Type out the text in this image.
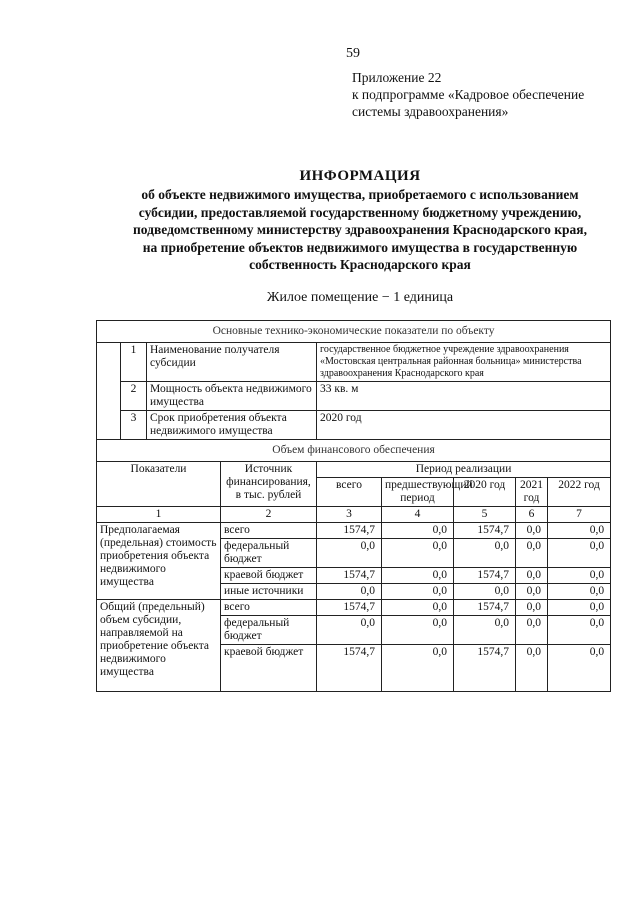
59
Приложение 22
к подпрограмме «Кадровое обеспечение
системы здравоохранения»
ИНФОРМАЦИЯ
об объекте недвижимого имущества, приобретаемого с использованием
субсидии, предоставляемой государственному бюджетному учреждению,
подведомственному министерству здравоохранения Краснодарского края,
на приобретение объектов недвижимого имущества в государственную
собственность Краснодарского края
Жилое помещение − 1 единица
Основные технико-экономические показатели по объекту								
	1	Наименование получателя субсидии		государственное бюджетное учреждение здравоохранения «Мостовская центральная районная больница» министерства здравоохранения Краснодарского края				
	2	Мощность объекта недвижимого имущества		33 кв. м				
	3	Срок приобретения объекта недвижимого имущества		2020 год				
Объем финансового обеспечения								
Показатели			Источник финансирования, в тыс. рублей	Период реализации				
				всего	предшествующий период	2020 год	2021 год	2022 год
1			2	3	4	5	6	7
Предполагаемая (предельная) стоимость приобретения объекта недвижимого имущества			всего	1574,7	0,0	1574,7	0,0	0,0
			федеральный бюджет	0,0	0,0	0,0	0,0	0,0
			краевой бюджет	1574,7	0,0	1574,7	0,0	0,0
			иные источники	0,0	0,0	0,0	0,0	0,0
Общий (предельный) объем субсидии, направляемой на приобретение объекта недвижимого имущества			всего	1574,7	0,0	1574,7	0,0	0,0
			федеральный бюджет	0,0	0,0	0,0	0,0	0,0
			краевой бюджет	1574,7	0,0	1574,7	0,0	0,0
